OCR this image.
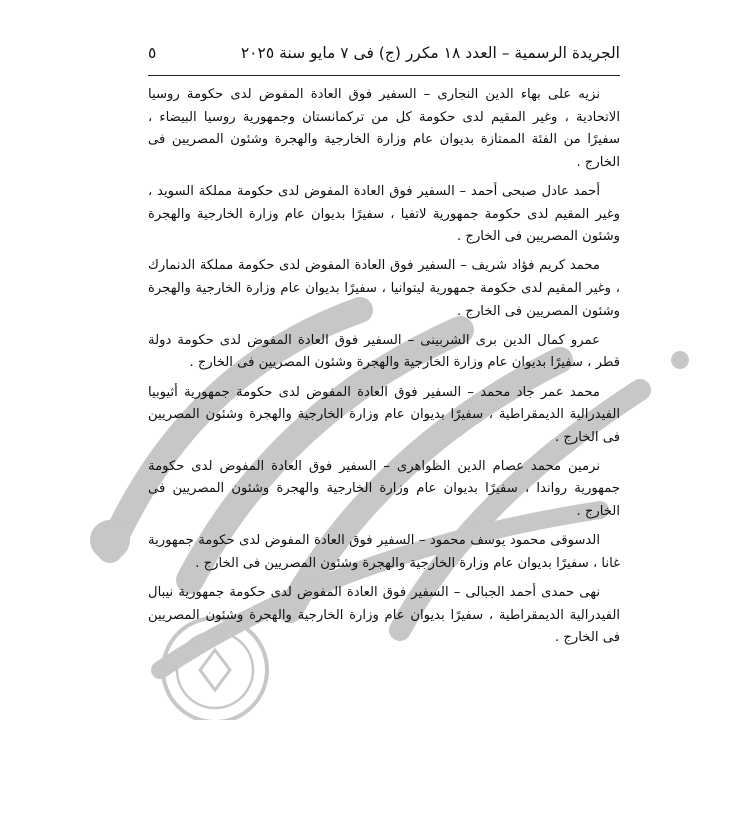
الجريدة الرسمية – العدد ١٨ مكرر (ج) فى ٧ مايو سنة ٢٠٢٥
٥

نزيه على بهاء الدين النجارى – السفير فوق العادة المفوض لدى حكومة روسيا الاتحادية ، وغير المقيم لدى حكومة كل من تركمانستان وجمهورية روسيا البيضاء ، سفيرًا من الفئة الممتازة بديوان عام وزارة الخارجية والهجرة وشئون المصريين فى الخارج .

أحمد عادل صبحى أحمد – السفير فوق العادة المفوض لدى حكومة مملكة السويد ، وغير المقيم لدى حكومة جمهورية لاتفيا ، سفيرًا بديوان عام وزارة الخارجية والهجرة وشئون المصريين فى الخارج .

محمد كريم فؤاد شريف – السفير فوق العادة المفوض لدى حكومة مملكة الدنمارك ، وغير المقيم لدى حكومة جمهورية ليتوانيا ، سفيرًا بديوان عام وزارة الخارجية والهجرة وشئون المصريين فى الخارج .

عمرو كمال الدين برى الشربينى – السفير فوق العادة المفوض لدى حكومة دولة قطر ، سفيرًا بديوان عام وزارة الخارجية والهجرة وشئون المصريين فى الخارج .

محمد عمر جاد محمد – السفير فوق العادة المفوض لدى حكومة جمهورية أثيوبيا الفيدرالية الديمقراطية ، سفيرًا بديوان عام وزارة الخارجية والهجرة وشئون المصريين فى الخارج .

نرمين محمد عصام الدين الظواهرى – السفير فوق العادة المفوض لدى حكومة جمهورية رواندا ، سفيرًا بديوان عام وزارة الخارجية والهجرة وشئون المصريين فى الخارج .

الدسوقى محمود يوسف محمود – السفير فوق العادة المفوض لدى حكومة جمهورية غانا ، سفيرًا بديوان عام وزارة الخارجية والهجرة وشئون المصريين فى الخارج .

نهى حمدى أحمد الجبالى – السفير فوق العادة المفوض لدى حكومة جمهورية نيبال الفيدرالية الديمقراطية ، سفيرًا بديوان عام وزارة الخارجية والهجرة وشئون المصريين فى الخارج .
